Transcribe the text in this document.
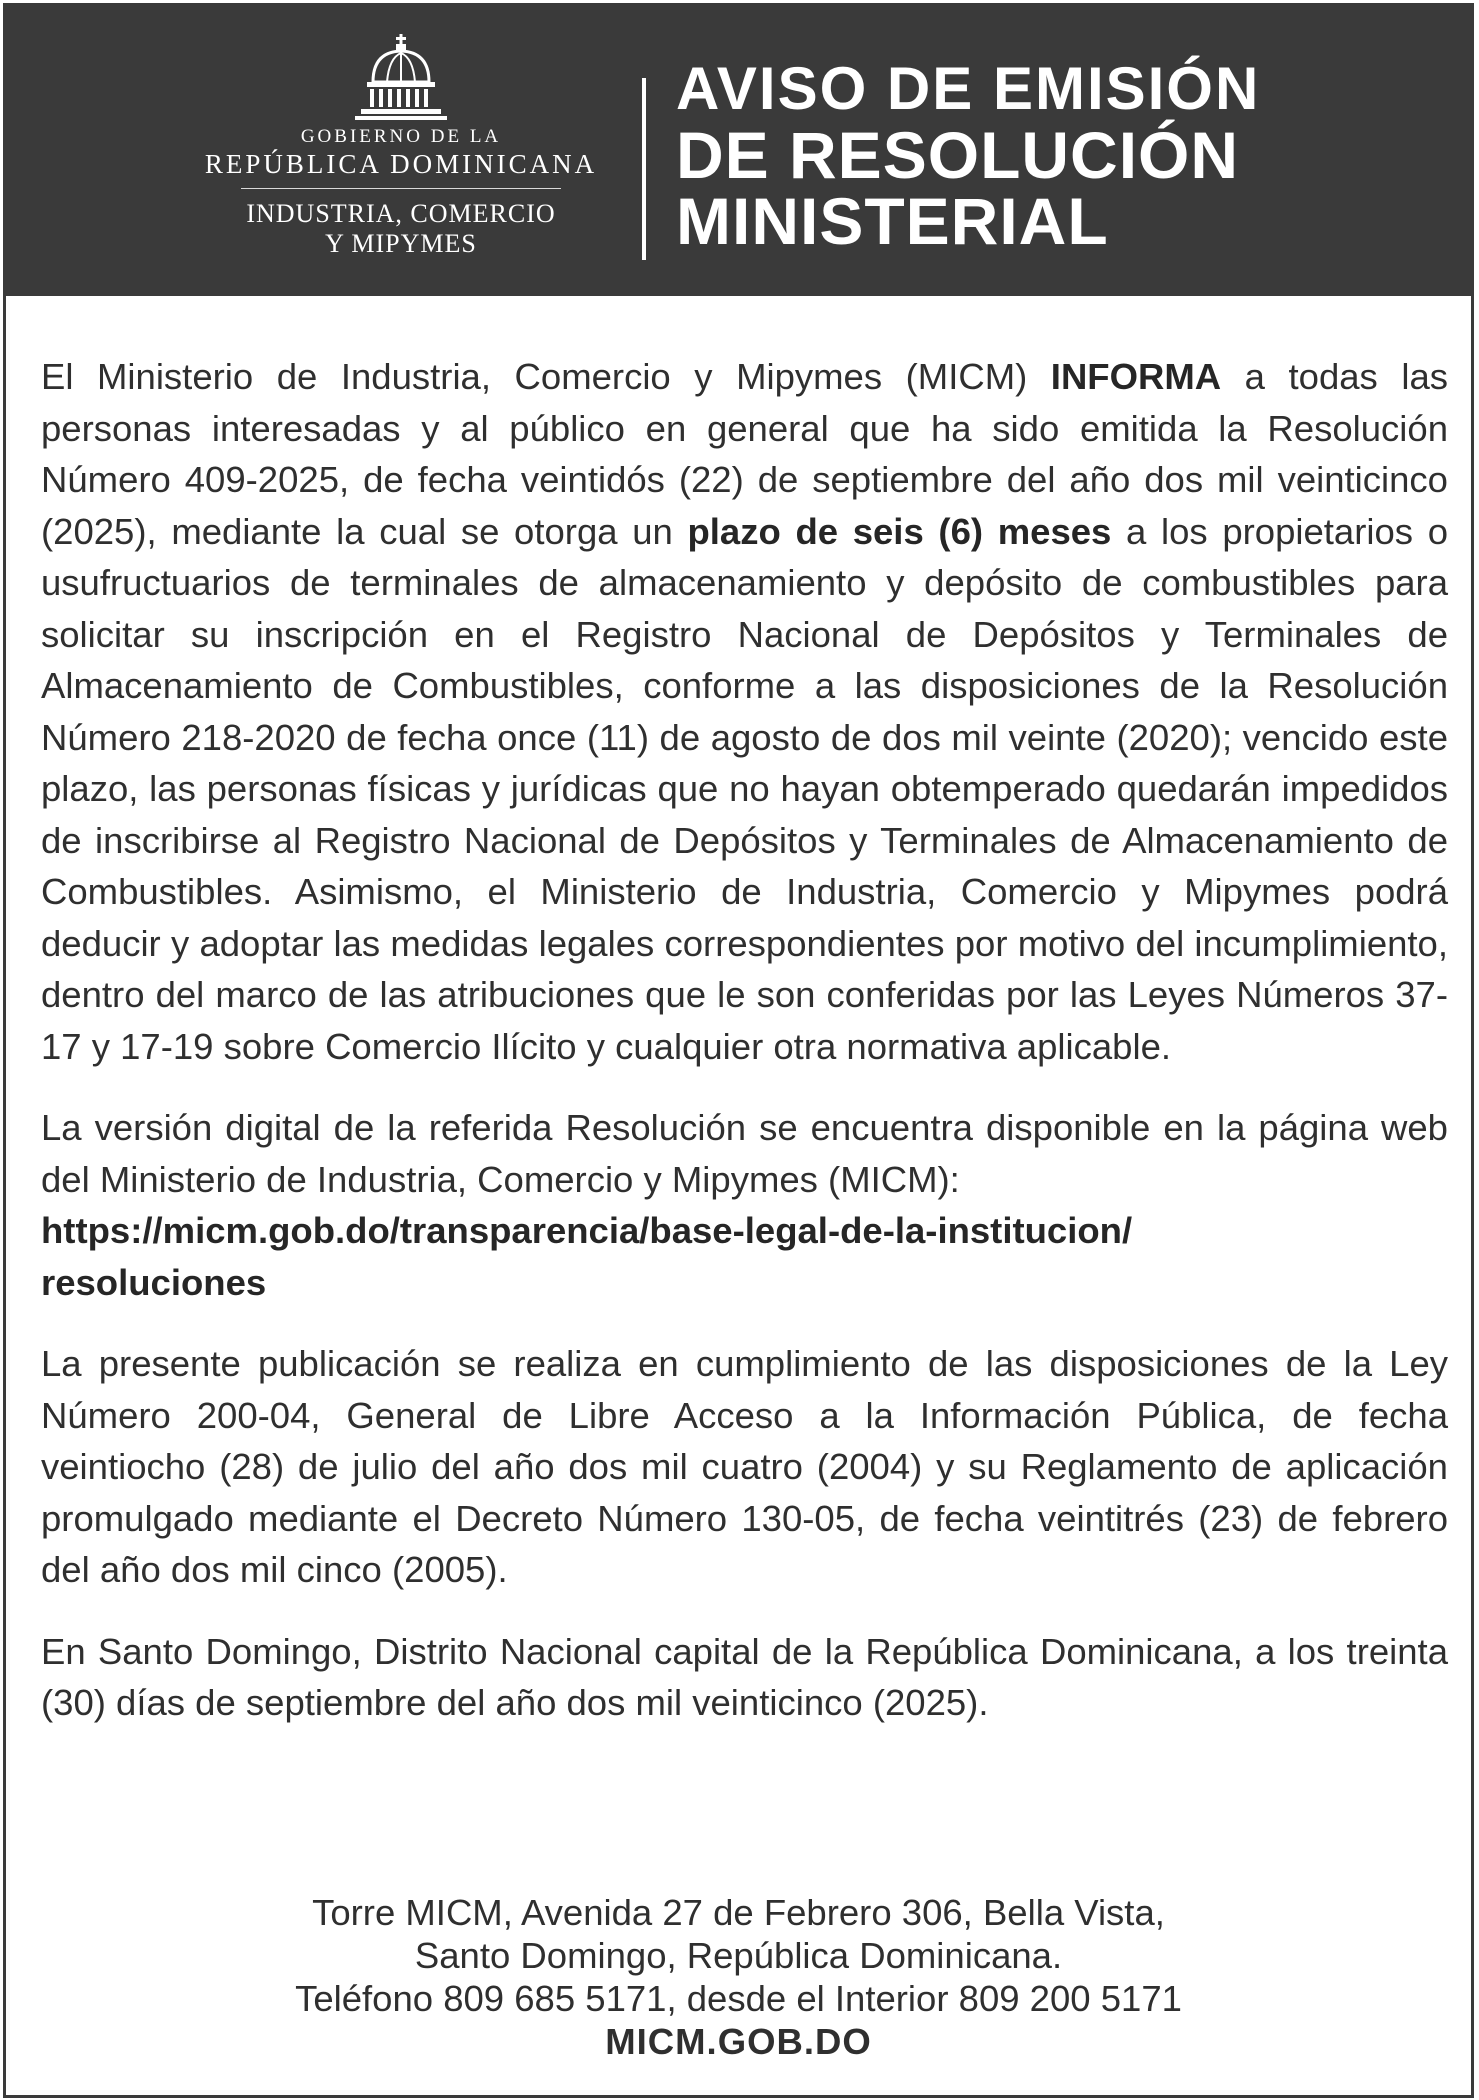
GOBIERNO DE LA
REPÚBLICA DOMINICANA
INDUSTRIA, COMERCIO
Y MIPYMES
AVISO DE EMISIÓN
DE RESOLUCIÓN
MINISTERIAL

El Ministerio de Industria, Comercio y Mipymes (MICM) INFORMA a todas las personas interesadas y al público en general que ha sido emitida la Resolución Número 409-2025, de fecha veintidós (22) de septiembre del año dos mil veinticinco (2025), mediante la cual se otorga un plazo de seis (6) meses a los propietarios o usufructuarios de terminales de almacenamiento y depósito de combustibles para solicitar su inscripción en el Registro Nacional de Depósitos y Terminales de Almacenamiento de Combustibles, conforme a las disposiciones de la Resolución Número 218-2020 de fecha once (11) de agosto de dos mil veinte (2020); vencido este plazo, las personas físicas y jurídicas que no hayan obtemperado quedarán impedidos de inscribirse al Registro Nacional de Depósitos y Terminales de Almacenamiento de Combustibles. Asimismo, el Ministerio de Industria, Comercio y Mipymes podrá deducir y adoptar las medidas legales correspondientes por motivo del incumplimiento, dentro del marco de las atribuciones que le son conferidas por las Leyes Números 37-17 y 17-19 sobre Comercio Ilícito y cualquier otra normativa aplicable.

La versión digital de la referida Resolución se encuentra disponible en la página web del Ministerio de Industria, Comercio y Mipymes (MICM):
https://micm.gob.do/transparencia/base-legal-de-la-institucion/
resoluciones

La presente publicación se realiza en cumplimiento de las disposiciones de la Ley Número 200-04, General de Libre Acceso a la Información Pública, de fecha veintiocho (28) de julio del año dos mil cuatro (2004) y su Reglamento de aplicación promulgado mediante el Decreto Número 130-05, de fecha veintitrés (23) de febrero del año dos mil cinco (2005).

En Santo Domingo, Distrito Nacional capital de la República Dominicana, a los treinta (30) días de septiembre del año dos mil veinticinco (2025).

Torre MICM, Avenida 27 de Febrero 306, Bella Vista,
Santo Domingo, República Dominicana.
Teléfono 809 685 5171, desde el Interior 809 200 5171
MICM.GOB.DO
